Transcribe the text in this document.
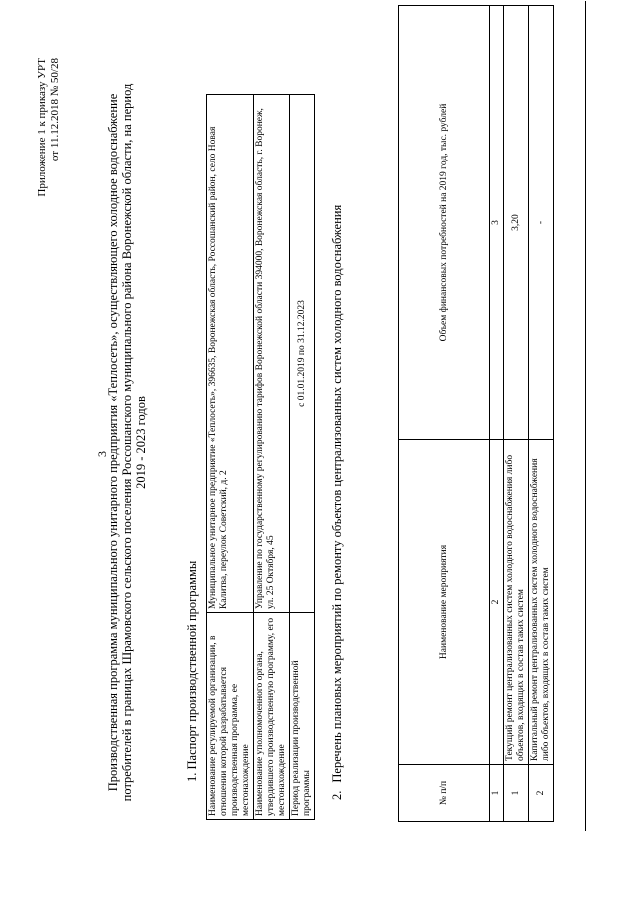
3
Приложение 1 к приказу УРТ от 11.12.2018 № 50/28	Производственная программа муниципального унитарного предприятия «Теплосеть», осуществляющего холодное водоснабжение потребителей в границах Шрамовского сельского поселения Россошанского муниципального района Воронежской области, на период 2019 - 2023 годов
1. Паспорт производственной программы Наименование регулируемой организации, в отношении которой разрабатывается производственная программа, ее местонахождение	Муниципальное унитарное предприятие «Теплосеть», 396635, Воронежская область, Россошанский район, село Новая Калитва, переулок Советский, д. 2
Наименование уполномоченного органа, утвердившего производственную программу, его местонахождение	Управление по государственному регулированию тарифов Воронежской области 394000, Воронежская область, г. Воронеж, ул. 25 Октября, 45
Период реализации производственной программы	с 01.01.2019 по 31.12.2023
2.Перечень плановых мероприятий по ремонту объектов централизованных систем холодного водоснабжения
№ п/п	Наименование мероприятия	Объем финансовых потребностей на 2019 год, тыс. рублей
1	2	3
1	Текущий ремонт централизованных систем холодного водоснабжения либо объектов, входящих в состав таких систем	3,20
2	Капитальный ремонт централизованных систем холодного водоснабжения либо объектов, входящих в состав таких систем	-
